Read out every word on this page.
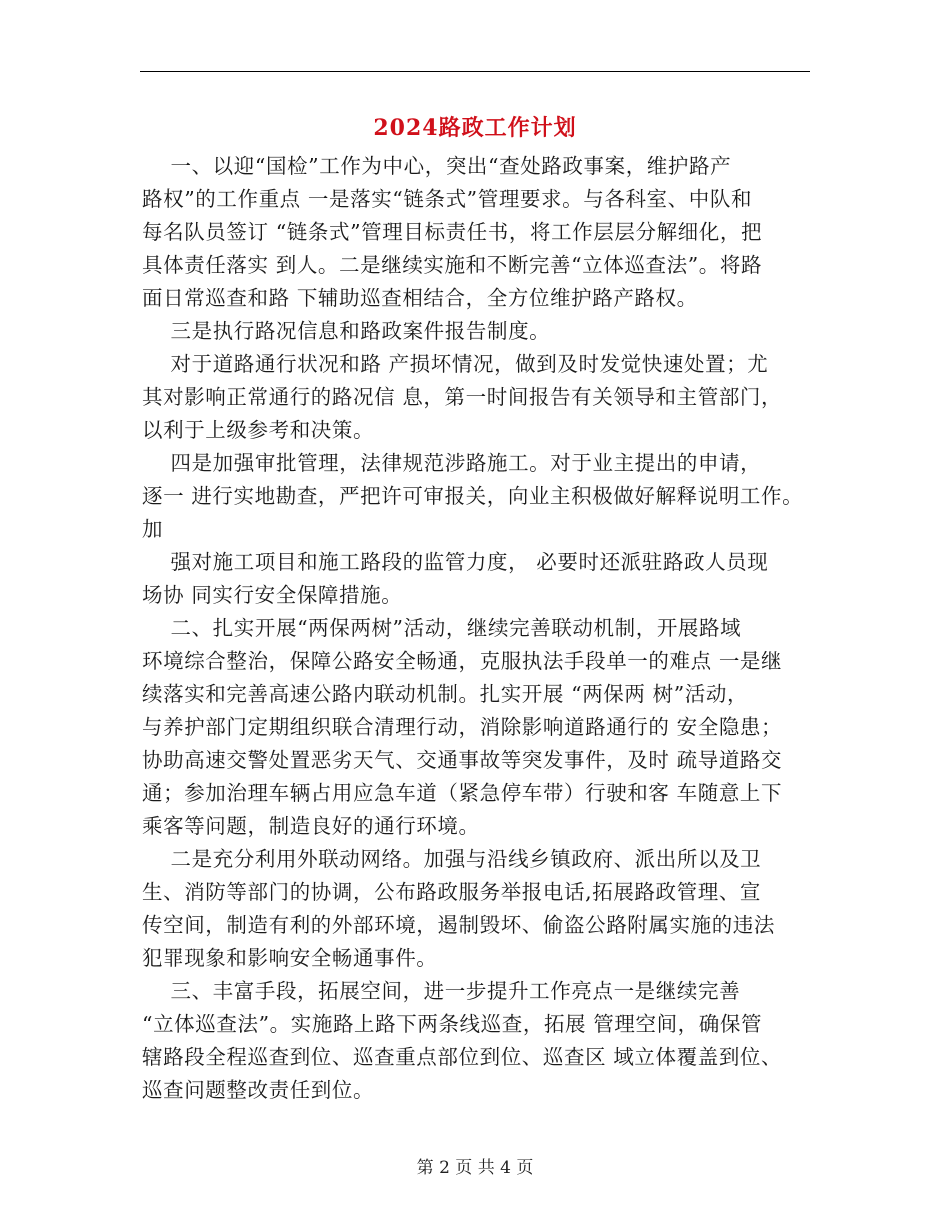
2024路政工作计划
一、以迎“国检”工作为中心，突出“查处路政事案，维护路产
路权”的工作重点 一是落实“链条式”管理要求。与各科室、中队和
每名队员签订 “链条式”管理目标责任书，将工作层层分解细化，把
具体责任落实 到人。二是继续实施和不断完善“立体巡查法”。将路
面日常巡查和路 下辅助巡查相结合，全方位维护路产路权。
三是执行路况信息和路政案件报告制度。
对于道路通行状况和路 产损坏情况，做到及时发觉快速处置；尤
其对影响正常通行的路况信 息，第一时间报告有关领导和主管部门，
以利于上级参考和决策。
四是加强审批管理，法律规范涉路施工。对于业主提出的申请，
逐一 进行实地勘查，严把许可审报关，向业主积极做好解释说明工作。
加
强对施工项目和施工路段的监管力度， 必要时还派驻路政人员现
场协 同实行安全保障措施。
二、扎实开展“两保两树”活动，继续完善联动机制，开展路域
环境综合整治，保障公路安全畅通，克服执法手段单一的难点 一是继
续落实和完善高速公路内联动机制。扎实开展 “两保两 树”活动，
与养护部门定期组织联合清理行动，消除影响道路通行的 安全隐患；
协助高速交警处置恶劣天气、交通事故等突发事件，及时 疏导道路交
通；参加治理车辆占用应急车道（紧急停车带）行驶和客 车随意上下
乘客等问题，制造良好的通行环境。
二是充分利用外联动网络。加强与沿线乡镇政府、派出所以及卫
生、消防等部门的协调，公布路政服务举报电话,拓展路政管理、宣
传空间，制造有利的外部环境，遏制毁坏、偷盗公路附属实施的违法
犯罪现象和影响安全畅通事件。
三、丰富手段，拓展空间，进一步提升工作亮点一是继续完善
“立体巡查法”。实施路上路下两条线巡查，拓展 管理空间，确保管
辖路段全程巡查到位、巡查重点部位到位、巡查区 域立体覆盖到位、
巡查问题整改责任到位。
第 2 页 共 4 页
